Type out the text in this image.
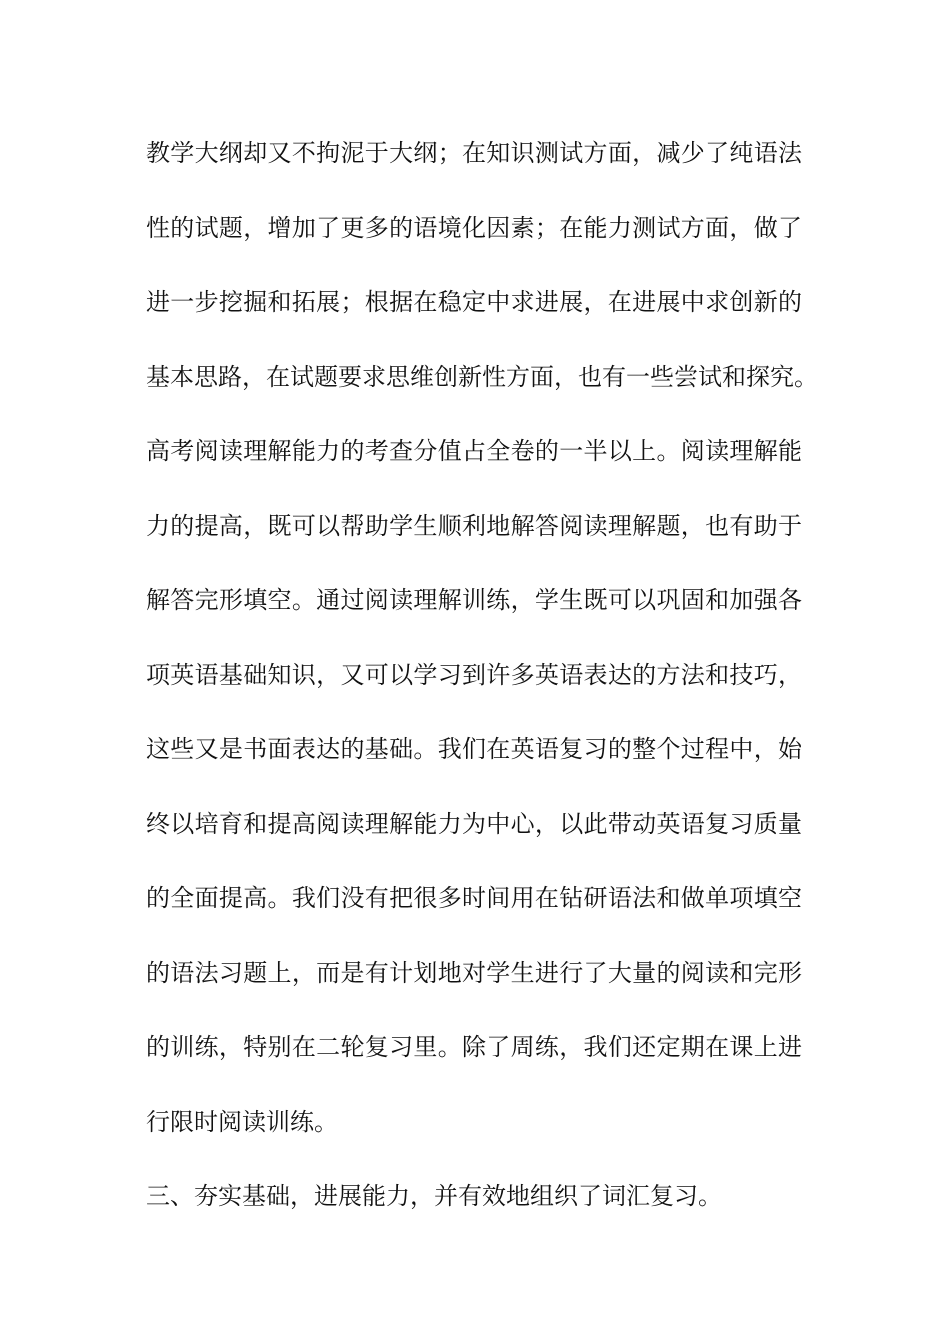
教学大纲却又不拘泥于大纲；在知识测试方面，减少了纯语法
性的试题，增加了更多的语境化因素；在能力测试方面，做了
进一步挖掘和拓展；根据在稳定中求进展，在进展中求创新的
基本思路，在试题要求思维创新性方面，也有一些尝试和探究。
高考阅读理解能力的考查分值占全卷的一半以上。阅读理解能
力的提高，既可以帮助学生顺利地解答阅读理解题，也有助于
解答完形填空。通过阅读理解训练，学生既可以巩固和加强各
项英语基础知识，又可以学习到许多英语表达的方法和技巧，
这些又是书面表达的基础。我们在英语复习的整个过程中，始
终以培育和提高阅读理解能力为中心，以此带动英语复习质量
的全面提高。我们没有把很多时间用在钻研语法和做单项填空
的语法习题上，而是有计划地对学生进行了大量的阅读和完形
的训练，特别在二轮复习里。除了周练，我们还定期在课上进
行限时阅读训练。
三、夯实基础，进展能力，并有效地组织了词汇复习。
